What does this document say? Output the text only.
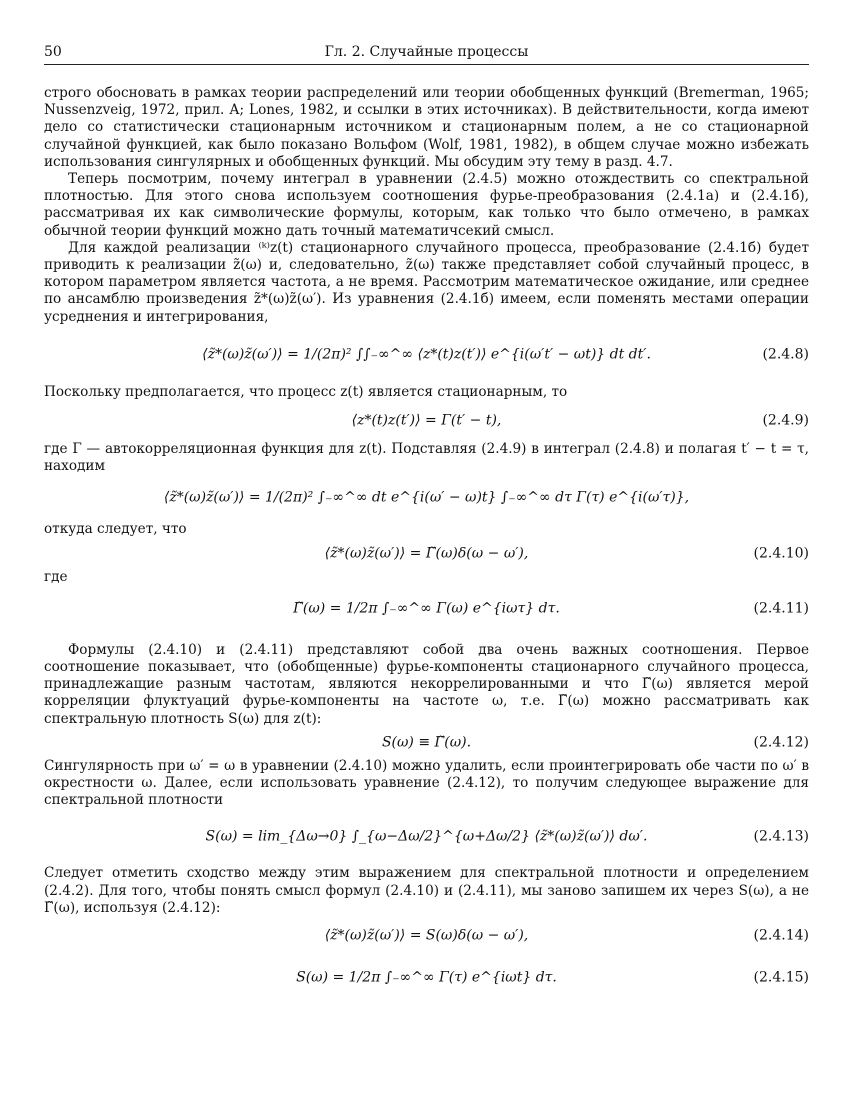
50	Гл. 2. Случайные процессы

строго обосновать в рамках теории распределений или теории обобщенных функций (Bremerman, 1965; Nussenzveig, 1972, прил. А; Lones, 1982, и ссылки в этих источниках). В действительности, когда имеют дело со статистически стационарным источником и стационарным полем, а не со стационарной случайной функцией, как было показано Вольфом (Wolf, 1981, 1982), в общем случае можно избежать использования сингулярных и обобщенных функций. Мы обсудим эту тему в разд. 4.7.

Теперь посмотрим, почему интеграл в уравнении (2.4.5) можно отождествить со спектральной плотностью. Для этого снова используем соотношения фурье-преобразования (2.4.1а) и (2.4.1б), рассматривая их как символические формулы, которым, как только что было отмечено, в рамках обычной теории функций можно дать точный математичсекий смысл.

Для каждой реализации ⁽ᵏ⁾z(t) стационарного случайного процесса, преобразование (2.4.1б) будет приводить к реализации z̃(ω) и, следовательно, z̃(ω) также представляет собой случайный процесс, в котором параметром является частота, а не время. Рассмотрим математическое ожидание, или среднее по ансамблю произведения z̃*(ω)z̃(ω′). Из уравнения (2.4.1б) имеем, если поменять местами операции усреднения и интегрирования,

⟨z̃*(ω)z̃(ω′)⟩ = 1/(2π)² ∫∫₋∞^∞ ⟨z*(t)z(t′)⟩ e^{i(ω′t′ − ωt)} dt dt′.	(2.4.8)

Поскольку предполагается, что процесс z(t) является стационарным, то

⟨z*(t)z(t′)⟩ = Γ(t′ − t),	(2.4.9)

где Γ — автокорреляционная функция для z(t). Подставляя (2.4.9) в интеграл (2.4.8) и полагая t′ − t = τ, находим

⟨z̃*(ω)z̃(ω′)⟩ = 1/(2π)² ∫₋∞^∞ dt e^{i(ω′ − ω)t} ∫₋∞^∞ dτ Γ(τ) e^{i(ω′τ)},

откуда следует, что

⟨z̃*(ω)z̃(ω′)⟩ = Γ̃(ω)δ(ω − ω′),	(2.4.10)

где

Γ̃(ω) = 1/2π ∫₋∞^∞ Γ(ω) e^{iωτ} dτ.	(2.4.11)

Формулы (2.4.10) и (2.4.11) представляют собой два очень важных соотношения. Первое соотношение показывает, что (обобщенные) фурье-компоненты стационарного случайного процесса, принадлежащие разным частотам, являются некоррелированными и что Γ̃(ω) является мерой корреляции флуктуаций фурье-компоненты на частоте ω, т.е. Γ̃(ω) можно рассматривать как спектральную плотность S(ω) для z(t):

S(ω) ≡ Γ̃(ω).	(2.4.12)

Сингулярность при ω′ = ω в уравнении (2.4.10) можно удалить, если проинтегрировать обе части по ω′ в окрестности ω. Далее, если использовать уравнение (2.4.12), то получим следующее выражение для спектральной плотности

S(ω) = lim_{Δω→0} ∫_{ω−Δω/2}^{ω+Δω/2} ⟨z̃*(ω)z̃(ω′)⟩ dω′.	(2.4.13)

Следует отметить сходство между этим выражением для спектральной плотности и определением (2.4.2). Для того, чтобы понять смысл формул (2.4.10) и (2.4.11), мы заново запишем их через S(ω), а не Γ̃(ω), используя (2.4.12):

⟨z̃*(ω)z̃(ω′)⟩ = S(ω)δ(ω − ω′),	(2.4.14)
S(ω) = 1/2π ∫₋∞^∞ Γ(τ) e^{iωt} dτ.	(2.4.15)
